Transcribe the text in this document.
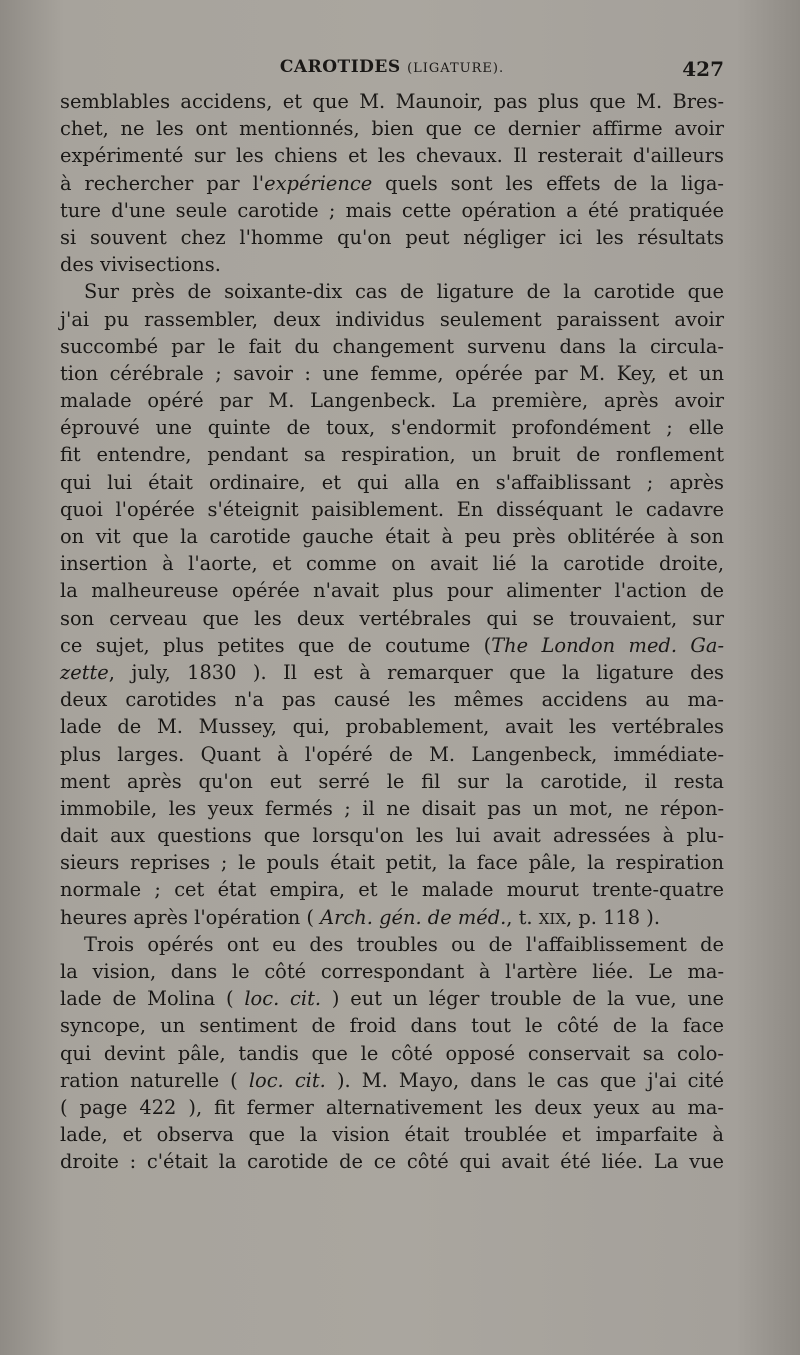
CAROTIDES (LIGATURE).	427
semblables accidens, et que M. Maunoir, pas plus que M. Bres-
chet, ne les ont mentionnés, bien que ce dernier affirme avoir
expérimenté sur les chiens et les chevaux. Il resterait d'ailleurs
à rechercher par l'expérience quels sont les effets de la liga-
ture d'une seule carotide ; mais cette opération a été pratiquée
si souvent chez l'homme qu'on peut négliger ici les résultats
des vivisections.
Sur près de soixante-dix cas de ligature de la carotide que
j'ai pu rassembler, deux individus seulement paraissent avoir
succombé par le fait du changement survenu dans la circula-
tion cérébrale ; savoir : une femme, opérée par M. Key, et un
malade opéré par M. Langenbeck. La première, après avoir
éprouvé une quinte de toux, s'endormit profondément ; elle
fit entendre, pendant sa respiration, un bruit de ronflement
qui lui était ordinaire, et qui alla en s'affaiblissant ; après
quoi l'opérée s'éteignit paisiblement. En disséquant le cadavre
on vit que la carotide gauche était à peu près oblitérée à son
insertion à l'aorte, et comme on avait lié la carotide droite,
la malheureuse opérée n'avait plus pour alimenter l'action de
son cerveau que les deux vertébrales qui se trouvaient, sur
ce sujet, plus petites que de coutume (The London med. Ga-
zette, july, 1830 ). Il est à remarquer que la ligature des
deux carotides n'a pas causé les mêmes accidens au ma-
lade de M. Mussey, qui, probablement, avait les vertébrales
plus larges. Quant à l'opéré de M. Langenbeck, immédiate-
ment après qu'on eut serré le fil sur la carotide, il resta
immobile, les yeux fermés ; il ne disait pas un mot, ne répon-
dait aux questions que lorsqu'on les lui avait adressées à plu-
sieurs reprises ; le pouls était petit, la face pâle, la respiration
normale ; cet état empira, et le malade mourut trente-quatre
heures après l'opération ( Arch. gén. de méd., t. XIX, p. 118 ).
Trois opérés ont eu des troubles ou de l'affaiblissement de
la vision, dans le côté correspondant à l'artère liée. Le ma-
lade de Molina ( loc. cit. ) eut un léger trouble de la vue, une
syncope, un sentiment de froid dans tout le côté de la face
qui devint pâle, tandis que le côté opposé conservait sa colo-
ration naturelle ( loc. cit. ). M. Mayo, dans le cas que j'ai cité
( page 422 ), fit fermer alternativement les deux yeux au ma-
lade, et observa que la vision était troublée et imparfaite à
droite : c'était la carotide de ce côté qui avait été liée. La vue
